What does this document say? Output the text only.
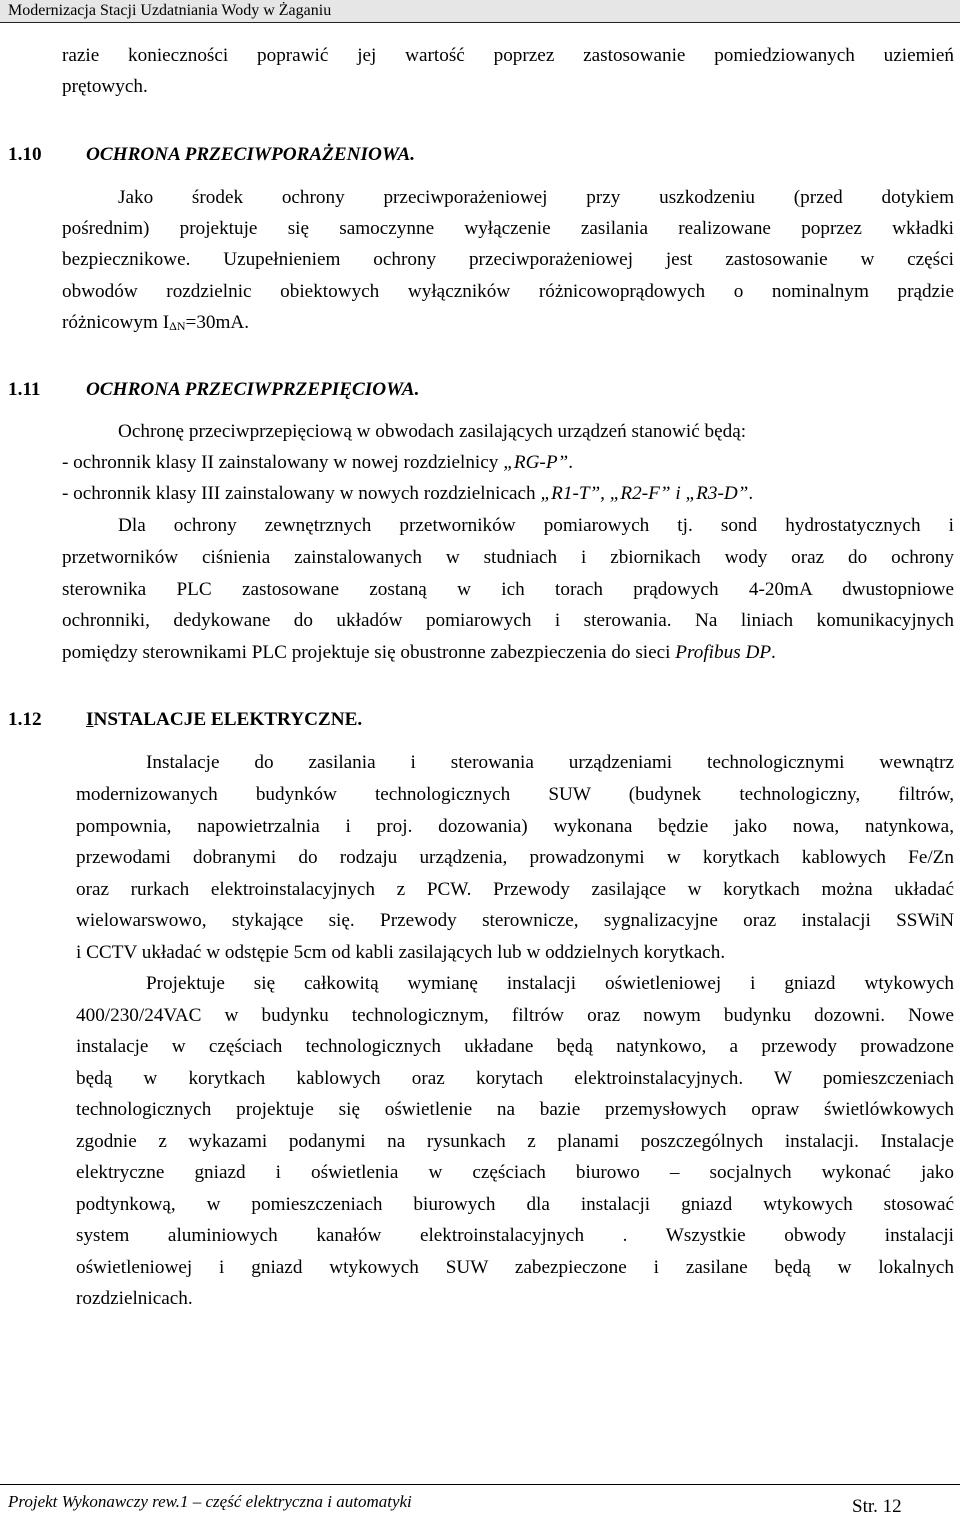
Modernizacja Stacji Uzdatniania Wody w Żaganiu

razie konieczności poprawić jej wartość poprzez zastosowanie pomiedziowanych uziemień

prętowych.

1.10 OCHRONA PRZECIWPORAŻENIOWA.

Jako środek ochrony przeciwporażeniowej przy uszkodzeniu (przed dotykiem

pośrednim) projektuje się samoczynne wyłączenie zasilania realizowane poprzez wkładki

bezpiecznikowe. Uzupełnieniem ochrony przeciwporażeniowej jest zastosowanie w części

obwodów rozdzielnic obiektowych wyłączników różnicowoprądowych o nominalnym prądzie

różnicowym $I_{\Delta N}=30mA$.

1.11 OCHRONA PRZECIWPRZEPIĘCIOWA.

Ochronę przeciwprzepięciową w obwodach zasilających urządzeń stanowić będą:

- ochronnik klasy II zainstalowany w nowej rozdzielnicy „RG-P”.

- ochronnik klasy III zainstalowany w nowych rozdzielnicach „R1-T”, „R2-F” i „R3-D”.

Dla ochrony zewnętrznych przetworników pomiarowych tj. sond hydrostatycznych i

przetworników ciśnienia zainstalowanych w studniach i zbiornikach wody oraz do ochrony

sterownika PLC zastosowane zostaną w ich torach prądowych 4-20mA dwustopniowe

ochronniki, dedykowane do układów pomiarowych i sterowania. Na liniach komunikacyjnych

pomiędzy sterownikami PLC projektuje się obustronne zabezpieczenia do sieci Profibus DP.

1.12 INSTALACJE ELEKTRYCZNE.

Instalacje do zasilania i sterowania urządzeniami technologicznymi wewnątrz

modernizowanych budynków technologicznych SUW (budynek technologiczny, filtrów,

pompownia, napowietrzalnia i proj. dozowania) wykonana będzie jako nowa, natynkowa,

przewodami dobranymi do rodzaju urządzenia, prowadzonymi w korytkach kablowych Fe/Zn

oraz rurkach elektroinstalacyjnych z PCW. Przewody zasilające w korytkach można układać

wielowarswowo, stykające się. Przewody sterownicze, sygnalizacyjne oraz instalacji SSWiN

i CCTV układać w odstępie 5cm od kabli zasilających lub w oddzielnych korytkach.

Projektuje się całkowitą wymianę instalacji oświetleniowej i gniazd wtykowych

400/230/24VAC w budynku technologicznym, filtrów oraz nowym budynku dozowni. Nowe

instalacje w częściach technologicznych układane będą natynkowo, a przewody prowadzone

będą w korytkach kablowych oraz korytach elektroinstalacyjnych. W pomieszczeniach

technologicznych projektuje się oświetlenie na bazie przemysłowych opraw świetlówkowych

zgodnie z wykazami podanymi na rysunkach z planami poszczególnych instalacji. Instalacje

elektryczne gniazd i oświetlenia w częściach biurowo – socjalnych wykonać jako

podtynkową, w pomieszczeniach biurowych dla instalacji gniazd wtykowych stosować

system aluminiowych kanałów elektroinstalacyjnych . Wszystkie obwody instalacji

oświetleniowej i gniazd wtykowych SUW zabezpieczone i zasilane będą w lokalnych

rozdzielnicach.

Projekt Wykonawczy rew.1 – część elektryczna i automatyki	Str. 12
